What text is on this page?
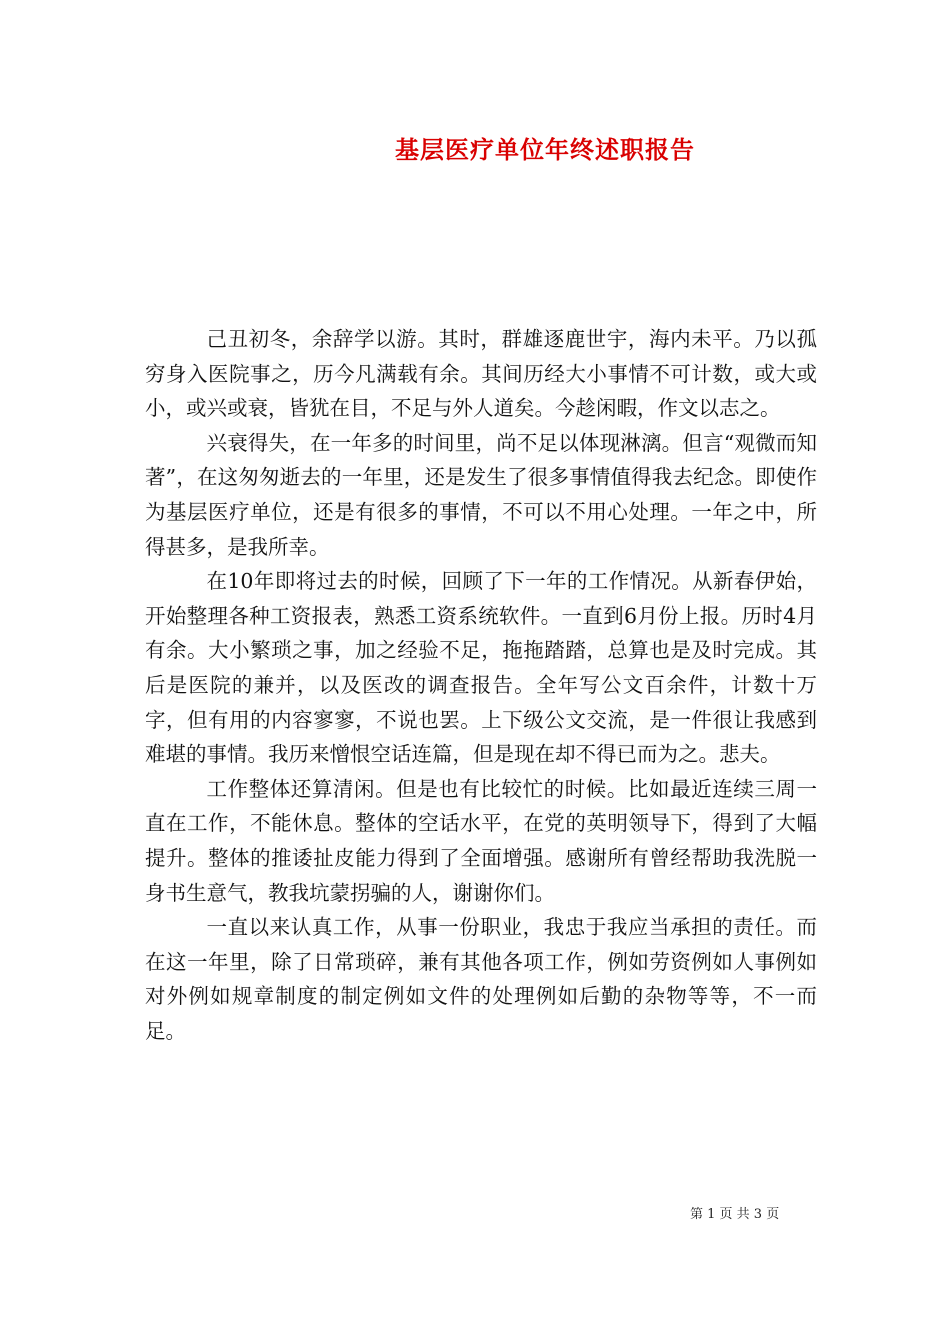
基层医疗单位年终述职报告

己丑初冬，余辞学以游。其时，群雄逐鹿世宇，海内未平。乃以孤穷身入医院事之，历今凡满载有余。其间历经大小事情不可计数，或大或小，或兴或衰，皆犹在目，不足与外人道矣。今趁闲暇，作文以志之。

兴衰得失，在一年多的时间里，尚不足以体现淋漓。但言“观微而知著”，在这匆匆逝去的一年里，还是发生了很多事情值得我去纪念。即使作为基层医疗单位，还是有很多的事情，不可以不用心处理。一年之中，所得甚多，是我所幸。

在10年即将过去的时候，回顾了下一年的工作情况。从新春伊始，开始整理各种工资报表，熟悉工资系统软件。一直到6月份上报。历时4月有余。大小繁琐之事，加之经验不足，拖拖踏踏，总算也是及时完成。其后是医院的兼并，以及医改的调查报告。全年写公文百余件，计数十万字，但有用的内容寥寥，不说也罢。上下级公文交流，是一件很让我感到难堪的事情。我历来憎恨空话连篇，但是现在却不得已而为之。悲夫。

工作整体还算清闲。但是也有比较忙的时候。比如最近连续三周一直在工作，不能休息。整体的空话水平，在党的英明领导下，得到了大幅提升。整体的推诿扯皮能力得到了全面增强。感谢所有曾经帮助我洗脱一身书生意气，教我坑蒙拐骗的人，谢谢你们。

一直以来认真工作，从事一份职业，我忠于我应当承担的责任。而在这一年里，除了日常琐碎，兼有其他各项工作，例如劳资例如人事例如对外例如规章制度的制定例如文件的处理例如后勤的杂物等等，不一而足。

第 1 页 共 3 页
